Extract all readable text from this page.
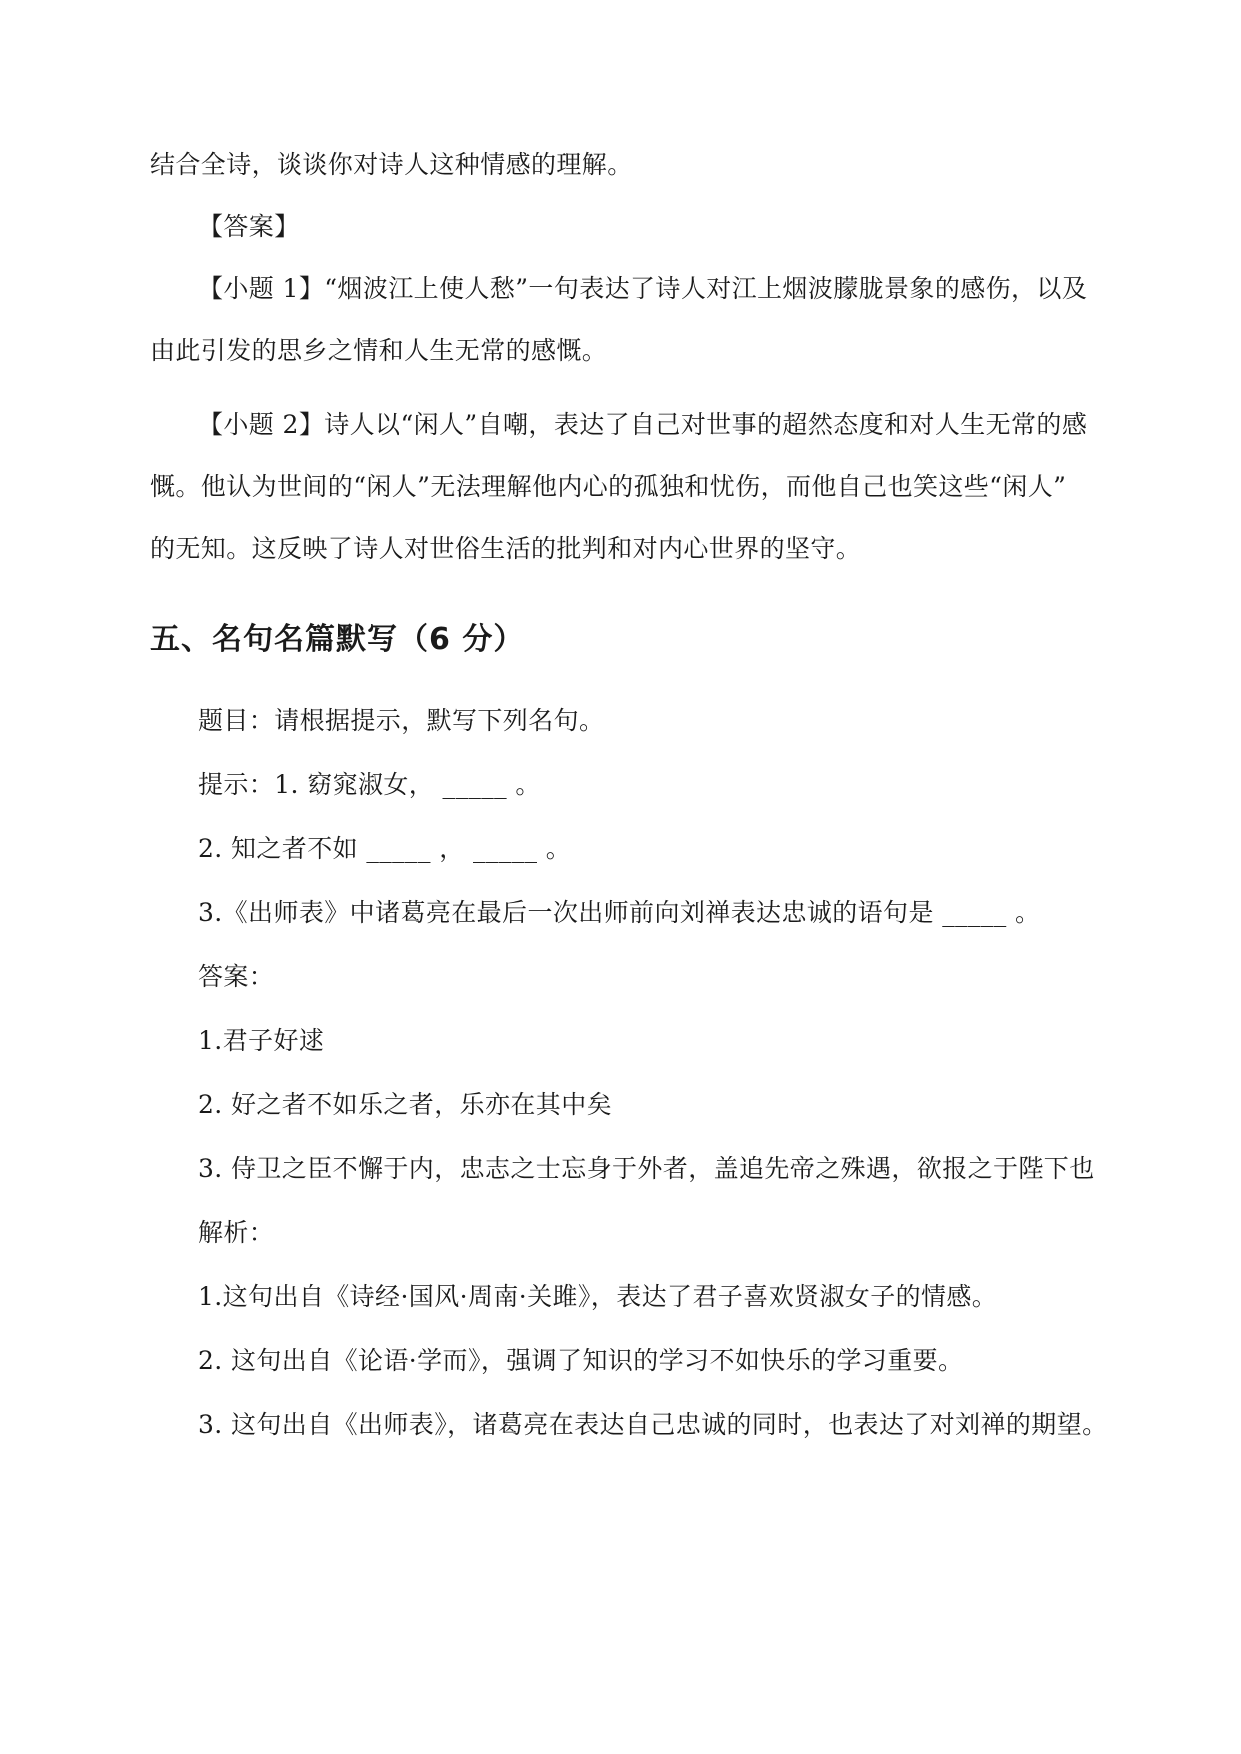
结合全诗，谈谈你对诗人这种情感的理解。

【答案】

【小题 1】“烟波江上使人愁”一句表达了诗人对江上烟波朦胧景象的感伤，以及

由此引发的思乡之情和人生无常的感慨。

【小题 2】诗人以“闲人”自嘲，表达了自己对世事的超然态度和对人生无常的感

慨。他认为世间的“闲人”无法理解他内心的孤独和忧伤，而他自己也笑这些“闲人”

的无知。这反映了诗人对世俗生活的批判和对内心世界的坚守。

五、名句名篇默写（6 分）

题目：请根据提示，默写下列名句。

提示：1. 窈窕淑女， _____ 。

2. 知之者不如 _____ ， _____ 。

3.《出师表》中诸葛亮在最后一次出师前向刘禅表达忠诚的语句是 _____ 。

答案：

1.君子好逑

2. 好之者不如乐之者，乐亦在其中矣

3. 侍卫之臣不懈于内，忠志之士忘身于外者，盖追先帝之殊遇，欲报之于陛下也

解析：

1.这句出自《诗经·国风·周南·关雎》，表达了君子喜欢贤淑女子的情感。

2. 这句出自《论语·学而》，强调了知识的学习不如快乐的学习重要。

3. 这句出自《出师表》，诸葛亮在表达自己忠诚的同时，也表达了对刘禅的期望。
